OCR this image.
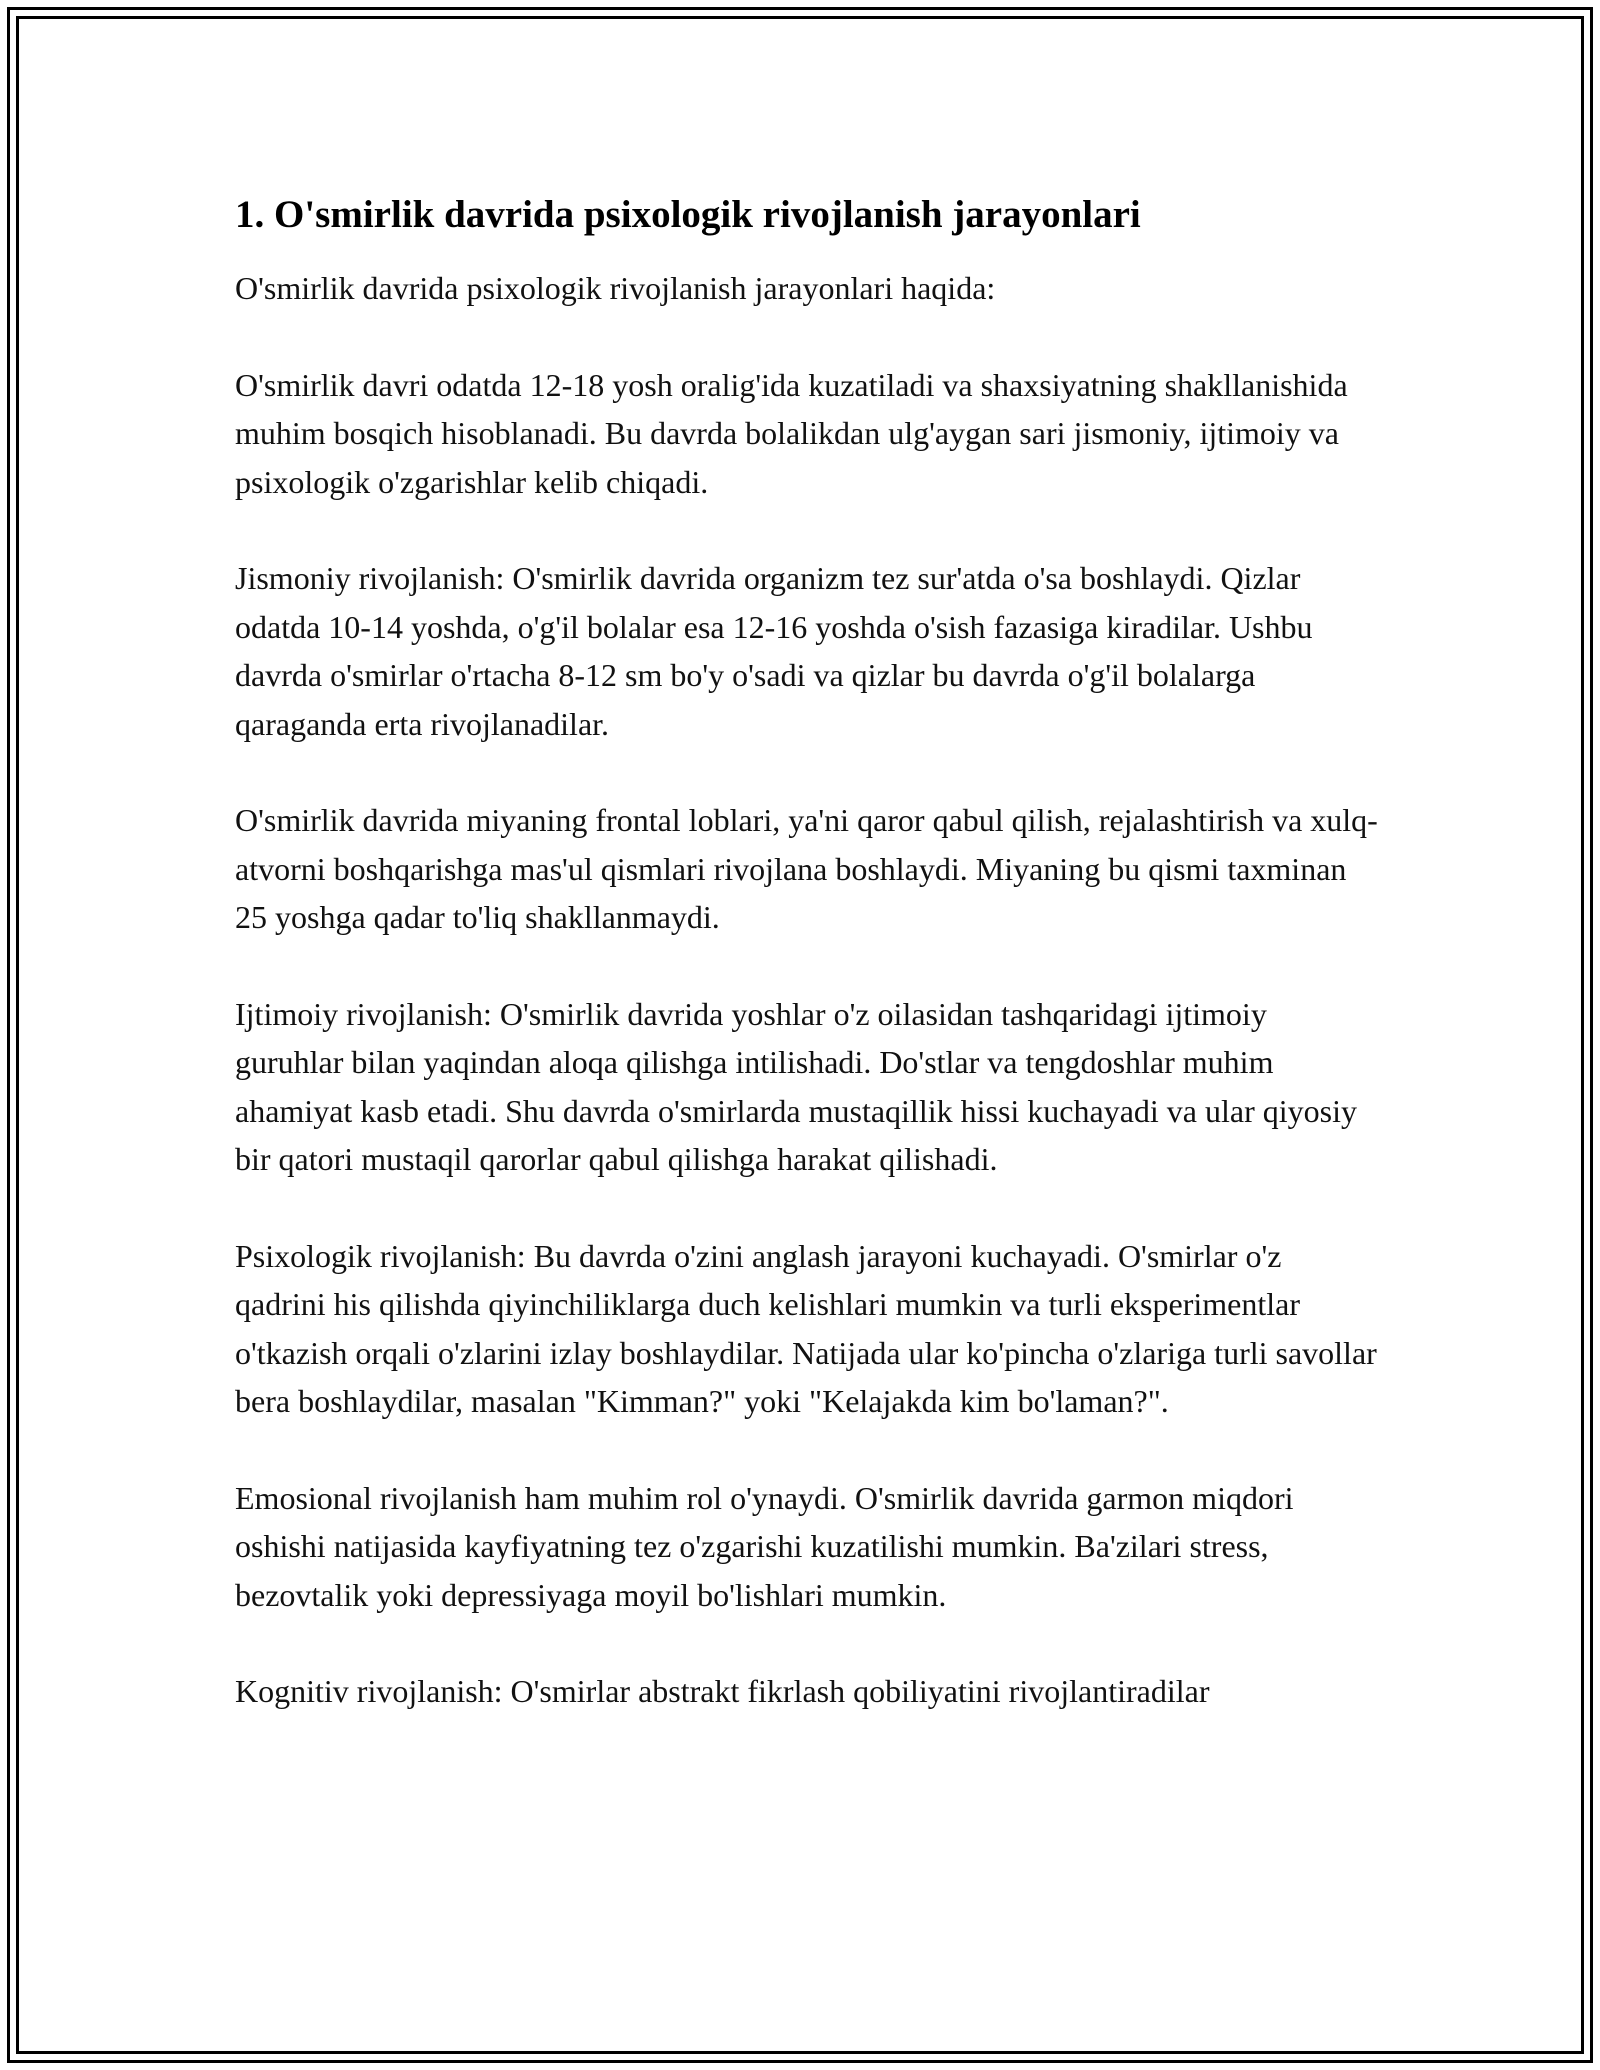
1. O'smirlik davrida psixologik rivojlanish jarayonlari

O'smirlik davrida psixologik rivojlanish jarayonlari haqida:

O'smirlik davri odatda 12-18 yosh oralig'ida kuzatiladi va shaxsiyatning shakllanishida muhim bosqich hisoblanadi. Bu davrda bolalikdan ulg'aygan sari jismoniy, ijtimoiy va psixologik o'zgarishlar kelib chiqadi.

Jismoniy rivojlanish: O'smirlik davrida organizm tez sur'atda o'sa boshlaydi. Qizlar odatda 10-14 yoshda, o'g'il bolalar esa 12-16 yoshda o'sish fazasiga kiradilar. Ushbu davrda o'smirlar o'rtacha 8-12 sm bo'y o'sadi va qizlar bu davrda o'g'il bolalarga qaraganda erta rivojlanadilar.

O'smirlik davrida miyaning frontal loblari, ya'ni qaror qabul qilish, rejalashtirish va xulq-atvorni boshqarishga mas'ul qismlari rivojlana boshlaydi. Miyaning bu qismi taxminan 25 yoshga qadar to'liq shakllanmaydi.

Ijtimoiy rivojlanish: O'smirlik davrida yoshlar o'z oilasidan tashqaridagi ijtimoiy guruhlar bilan yaqindan aloqa qilishga intilishadi. Do'stlar va tengdoshlar muhim ahamiyat kasb etadi. Shu davrda o'smirlarda mustaqillik hissi kuchayadi va ular qiyosiy bir qatori mustaqil qarorlar qabul qilishga harakat qilishadi.

Psixologik rivojlanish: Bu davrda o'zini anglash jarayoni kuchayadi. O'smirlar o'z qadrini his qilishda qiyinchiliklarga duch kelishlari mumkin va turli eksperimentlar o'tkazish orqali o'zlarini izlay boshlaydilar. Natijada ular ko'pincha o'zlariga turli savollar bera boshlaydilar, masalan "Kimman?" yoki "Kelajakda kim bo'laman?".

Emosional rivojlanish ham muhim rol o'ynaydi. O'smirlik davrida garmon miqdori oshishi natijasida kayfiyatning tez o'zgarishi kuzatilishi mumkin. Ba'zilari stress, bezovtalik yoki depressiyaga moyil bo'lishlari mumkin.

Kognitiv rivojlanish: O'smirlar abstrakt fikrlash qobiliyatini rivojlantiradilar
